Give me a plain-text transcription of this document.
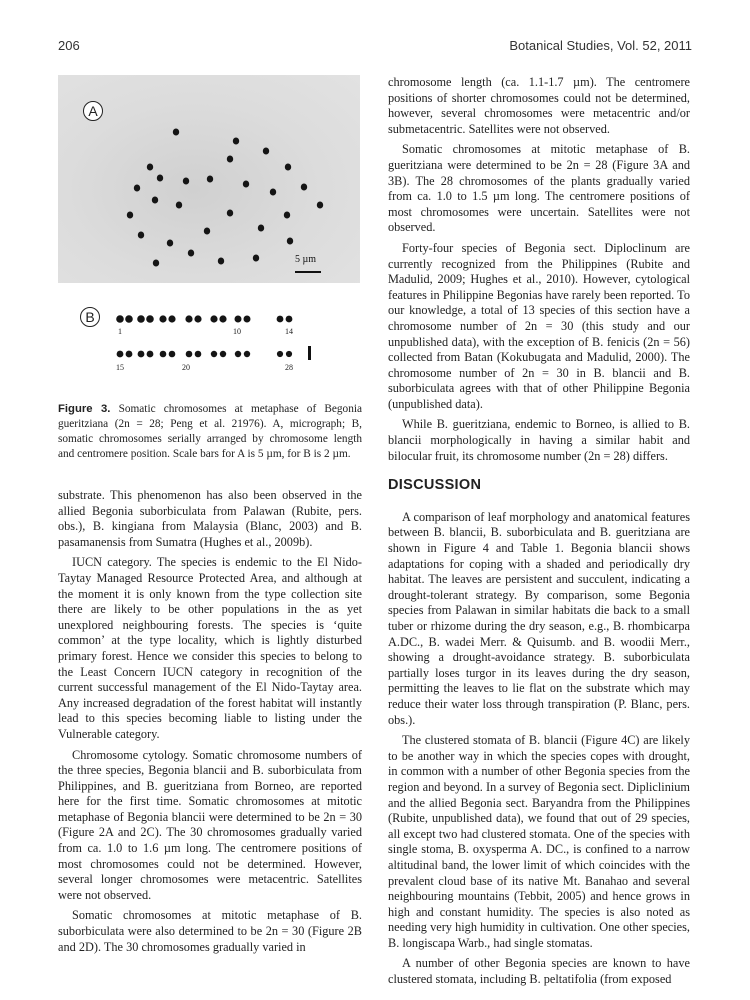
206	Botanical Studies, Vol. 52, 2011
A
5 µm
B
1	10	14
15	20	28
Figure 3. Somatic chromosomes at metaphase of Begonia gueritziana (2n = 28; Peng et al. 21976). A, micrograph; B, somatic chromosomes serially arranged by chromosome length and centromere position. Scale bars for A is 5 µm, for B is 2 µm.

substrate. This phenomenon has also been observed in the allied Begonia suborbiculata from Palawan (Rubite, pers. obs.), B. kingiana from Malaysia (Blanc, 2003) and B. pasamanensis from Sumatra (Hughes et al., 2009b).

IUCN category. The species is endemic to the El Nido-Taytay Managed Resource Protected Area, and although at the moment it is only known from the type collection site there are likely to be other populations in the as yet unexplored neighbouring forests. The species is ‘quite common’ at the type locality, which is lightly disturbed primary forest. Hence we consider this species to belong to the Least Concern IUCN category in recognition of the current successful management of the El Nido-Taytay area. Any increased degradation of the forest habitat will instantly lead to this species becoming liable to listing under the Vulnerable category.

Chromosome cytology. Somatic chromosome numbers of the three species, Begonia blancii and B. suborbiculata from Philippines, and B. gueritziana from Borneo, are reported here for the first time. Somatic chromosomes at mitotic metaphase of Begonia blancii were determined to be 2n = 30 (Figure 2A and 2C). The 30 chromosomes gradually varied from ca. 1.0 to 1.6 µm long. The centromere positions of most chromosomes could not be determined. However, several longer chromosomes were metacentric. Satellites were not observed.

Somatic chromosomes at mitotic metaphase of B. suborbiculata were also determined to be 2n = 30 (Figure 2B and 2D). The 30 chromosomes gradually varied in

chromosome length (ca. 1.1-1.7 µm). The centromere positions of shorter chromosomes could not be determined, however, several chromosomes were metacentric and/or submetacentric. Satellites were not observed.

Somatic chromosomes at mitotic metaphase of B. gueritziana were determined to be 2n = 28 (Figure 3A and 3B). The 28 chromosomes of the plants gradually varied from ca. 1.0 to 1.5 µm long. The centromere positions of most chromosomes were uncertain. Satellites were not observed.

Forty-four species of Begonia sect. Diploclinum are currently recognized from the Philippines (Rubite and Madulid, 2009; Hughes et al., 2010). However, cytological features in Philippine Begonias have rarely been reported. To our knowledge, a total of 13 species of this section have a chromosome number of 2n = 30 (this study and our unpublished data), with the exception of B. fenicis (2n = 56) collected from Batan (Kokubugata and Madulid, 2000). The chromosome number of 2n = 30 in B. blancii and B. suborbiculata agrees with that of other Philippine Begonia (unpublished data).

While B. gueritziana, endemic to Borneo, is allied to B. blancii morphologically in having a similar habit and bilocular fruit, its chromosome number (2n = 28) differs.

DISCUSSION

A comparison of leaf morphology and anatomical features between B. blancii, B. suborbiculata and B. gueritziana are shown in Figure 4 and Table 1. Begonia blancii shows adaptations for coping with a shaded and periodically dry habitat. The leaves are persistent and succulent, indicating a drought-tolerant strategy. By comparison, some Begonia species from Palawan in similar habitats die back to a small tuber or rhizome during the dry season, e.g., B. rhombicarpa A.DC., B. wadei Merr. & Quisumb. and B. woodii Merr., showing a drought-avoidance strategy. B. suborbiculata partially loses turgor in its leaves during the dry season, permitting the leaves to lie flat on the substrate which may reduce their water loss through transpiration (P. Blanc, pers. obs.).

The clustered stomata of B. blancii (Figure 4C) are likely to be another way in which the species copes with drought, in common with a number of other Begonia species from the region and beyond. In a survey of Begonia sect. Dipliclinium and the allied Begonia sect. Baryandra from the Philippines (Rubite, unpublished data), we found that out of 29 species, all except two had clustered stomata. One of the species with single stoma, B. oxysperma A. DC., is confined to a narrow altitudinal band, the lower limit of which coincides with the prevalent cloud base of its native Mt. Banahao and several neighbouring mountains (Tebbit, 2005) and hence grows in high and constant humidity. The species is also noted as needing very high humidity in cultivation. One other species, B. longiscapa Warb., had single stomatas.

A number of other Begonia species are known to have clustered stomata, including B. peltatifolia (from exposed
